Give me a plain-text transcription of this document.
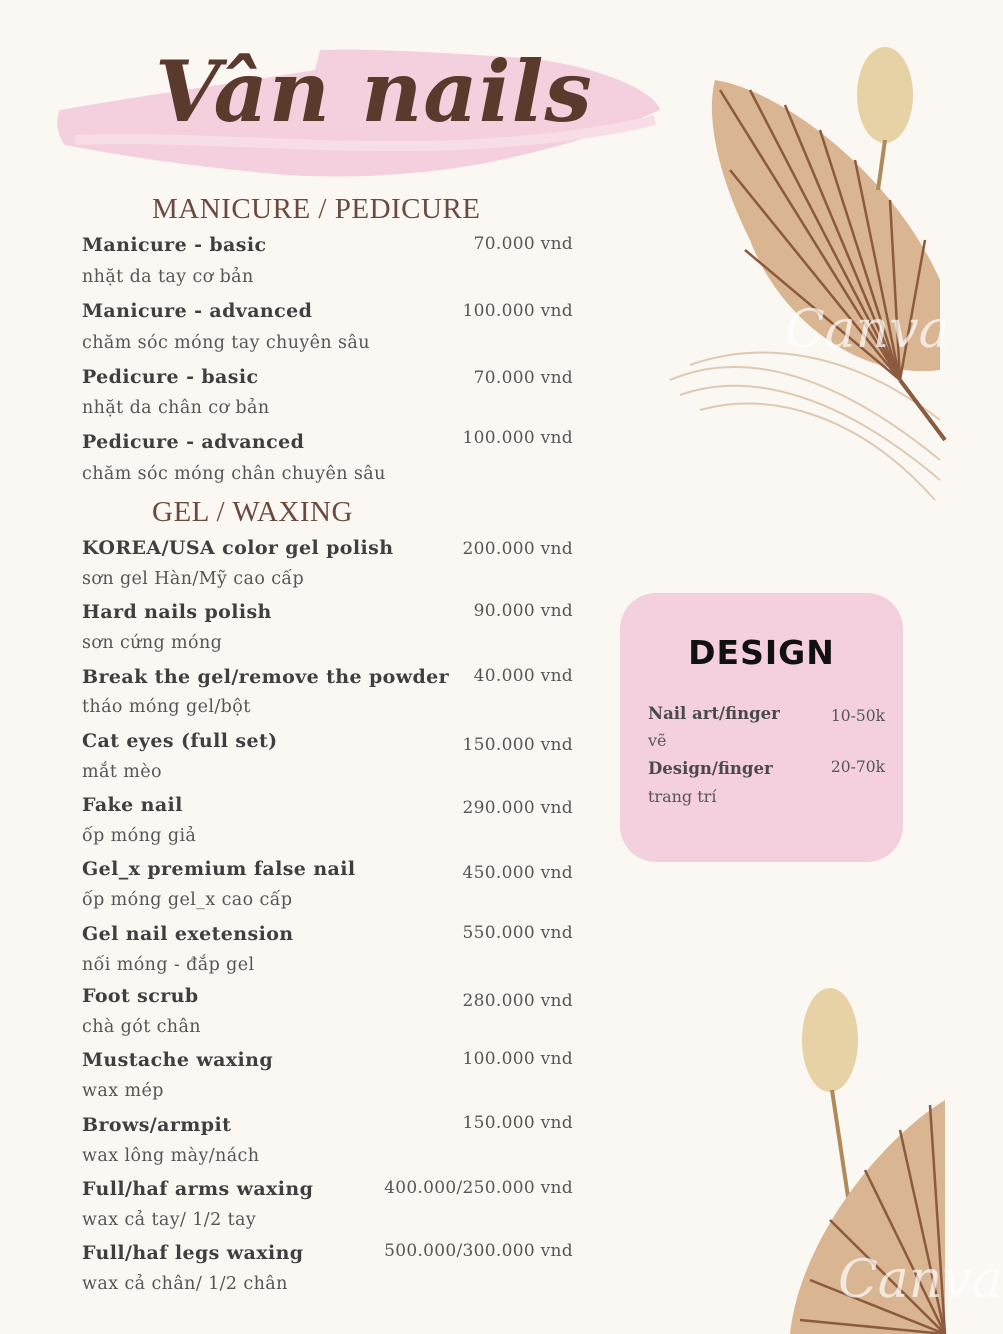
Vân nails
MANICURE / PEDICURE
Manicure - basic	70.000 vnd
nhặt da tay cơ bản
Manicure - advanced	100.000 vnd
chăm sóc móng tay chuyên sâu
Pedicure - basic	70.000 vnd
nhặt da chân cơ bản
Pedicure - advanced	100.000 vnd
chăm sóc móng chân chuyên sâu
GEL / WAXING
KOREA/USA color gel polish	200.000 vnd
sơn gel Hàn/Mỹ cao cấp
Hard nails polish	90.000 vnd
sơn cứng móng
Break the gel/remove the powder 40.000 vnd
tháo móng gel/bột
Cat eyes (full set)	150.000 vnd
mắt mèo
Fake nail	290.000 vnd
ốp móng giả
Gel_x premium false nail	450.000 vnd
ốp móng gel_x cao cấp
Gel nail exetension	550.000 vnd
nối móng - đắp gel
Foot scrub	280.000 vnd
chà gót chân
Mustache waxing	100.000 vnd
wax mép
Brows/armpit	150.000 vnd
wax lông mày/nách
Full/haf arms waxing	400.000/250.000 vnd
wax cả tay/ 1/2 tay
Full/haf legs waxing	500.000/300.000 vnd
wax cả chân/ 1/2 chân
Canva
DESIGN
Nail art/finger	10-50k
vẽ
Design/finger	20-70k
trang trí
Canva
